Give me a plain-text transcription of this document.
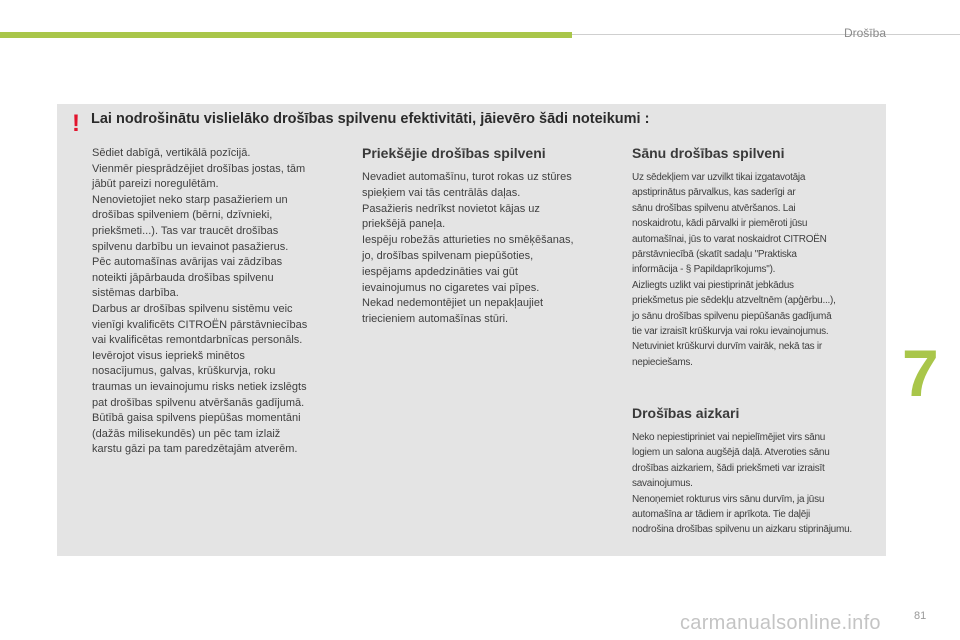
Drošība
! Lai nodrošinātu vislielāko drošības spilvenu efektivitāti, jāievēro šādi noteikumi :
Sēdiet dabīgā, vertikālā pozīcijā.
Vienmēr piesprādzējiet drošības jostas, tām
jābūt pareizi noregulētām.
Nenovietojiet neko starp pasažieriem un
drošības spilveniem (bērni, dzīvnieki,
priekšmeti...). Tas var traucēt drošības
spilvenu darbību un ievainot pasažierus.
Pēc automašīnas avārijas vai zādzības
noteikti jāpārbauda drošības spilvenu
sistēmas darbība.
Darbus ar drošības spilvenu sistēmu veic
vienīgi kvalificēts CITROËN pārstāvniecības
vai kvalificētas remontdarbnīcas personāls.
Ievērojot visus iepriekš minētos
nosacījumus, galvas, krūškurvja, roku
traumas un ievainojumu risks netiek izslēgts
pat drošības spilvenu atvēršanās gadījumā.
Būtībā gaisa spilvens piepūšas momentāni
(dažās milisekundēs) un pēc tam izlaiž
karstu gāzi pa tam paredzētajām atverēm.
Priekšējie drošības spilveni
Nevadiet automašīnu, turot rokas uz stūres
spieķiem vai tās centrālās daļas.
Pasažieris nedrīkst novietot kājas uz
priekšējā paneļa.
Iespēju robežās atturieties no smēķēšanas,
jo, drošības spilvenam piepūšoties,
iespējams apdedzināties vai gūt
ievainojumus no cigaretes vai pīpes.
Nekad nedemontējiet un nepakļaujiet
triecieniem automašīnas stūri.
Sānu drošības spilveni
Uz sēdekļiem var uzvilkt tikai izgatavotāja
apstiprinātus pārvalkus, kas saderīgi ar
sānu drošības spilvenu atvēršanos. Lai
noskaidrotu, kādi pārvalki ir piemēroti jūsu
automašīnai, jūs to varat noskaidrot CITROËN
pārstāvniecībā (skatīt sadaļu "Praktiska
informācija - § Papildaprīkojums").
Aizliegts uzlikt vai piestiprināt jebkādus
priekšmetus pie sēdekļu atzveltnēm (apģērbu...),
jo sānu drošības spilvenu piepūšanās gadījumā
tie var izraisīt krūškurvja vai roku ievainojumus.
Netuviniet krūškurvi durvīm vairāk, nekā tas ir
nepieciešams.
Drošības aizkari
Neko nepiestipriniet vai nepielīmējiet virs sānu
logiem un salona augšējā daļā. Atveroties sānu
drošības aizkariem, šādi priekšmeti var izraisīt
savainojumus.
Nenoņemiet rokturus virs sānu durvīm, ja jūsu
automašīna ar tādiem ir aprīkota. Tie daļēji
nodrošina drošības spilvenu un aizkaru stiprinājumu.
7
carmanualsonline.info	81
